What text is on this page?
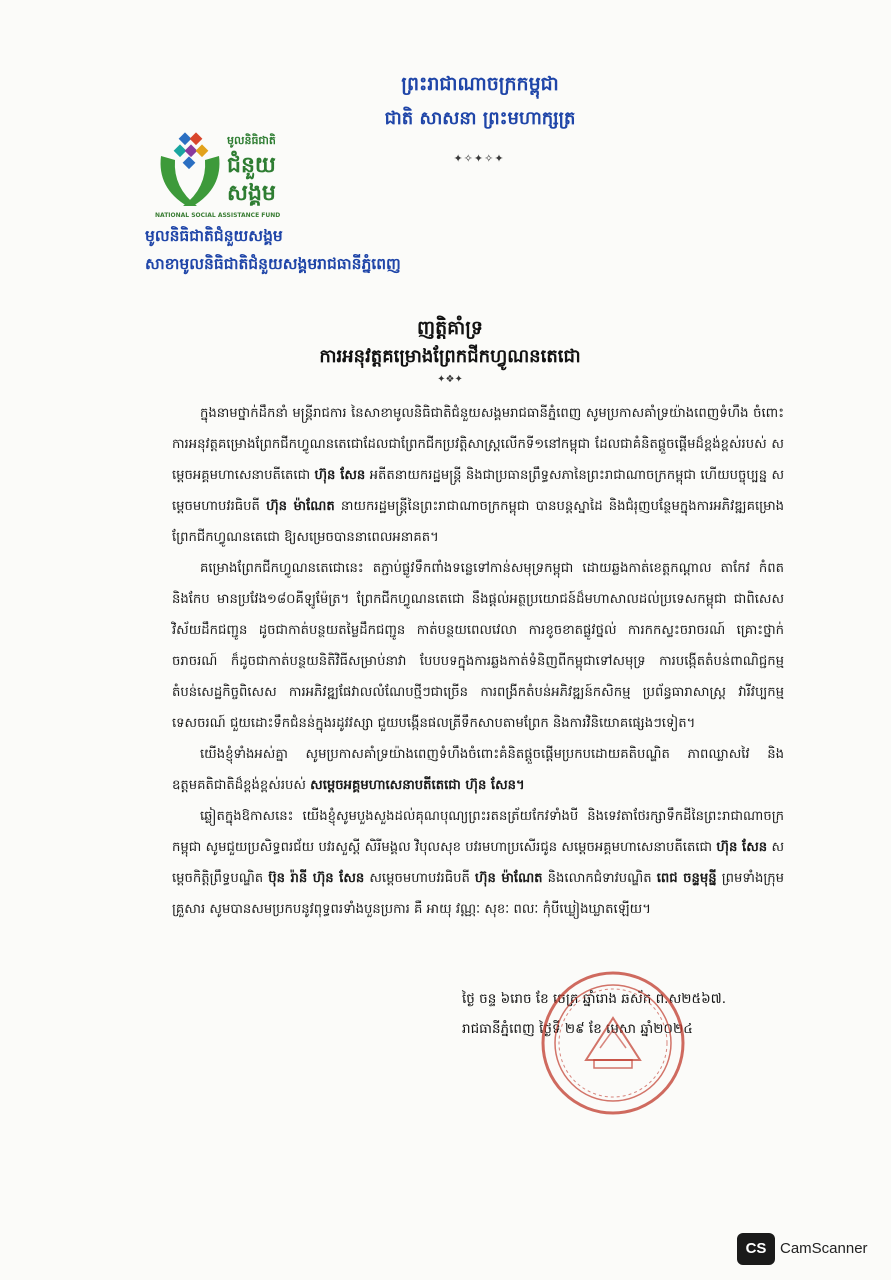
ព្រះរាជាណាចក្រកម្ពុជា
ជាតិ សាសនា ព្រះមហាក្សត្រ
✦✧✦✧✦
មូលនិធិជាតិ
ជំនួយ
សង្គម
NATIONAL SOCIAL ASSISTANCE FUND
មូលនិធិជាតិជំនួយសង្គម
សាខាមូលនិធិជាតិជំនួយសង្គមរាជធានីភ្នំពេញ
ញត្តិគាំទ្រ
ការអនុវត្តគម្រោងព្រែកជីកហ្វូណនតេជោ
✦❖✦

ក្នុងនាមថ្នាក់ដឹកនាំ មន្ត្រីរាជការ នៃសាខាមូលនិធិជាតិជំនួយសង្គមរាជធានីភ្នំពេញ សូមប្រកាសគាំទ្រយ៉ាងពេញទំហឹង ចំពោះ ការអនុវត្តគម្រោងព្រែកជីកហ្វូណនតេជោដែលជាព្រែកជីកប្រវត្តិសាស្ត្រលើកទី១នៅកម្ពុជា ដែលជាគំនិតផ្តួចផ្តើមដ៏ខ្ពង់ខ្ពស់របស់ សម្តេចអគ្គមហាសេនាបតីតេជោ ហ៊ុន សែន អតីតនាយករដ្ឋមន្ត្រី និងជាប្រធានព្រឹទ្ធសភានៃព្រះរាជាណាចក្រកម្ពុជា ហើយបច្ចុប្បន្ន សម្តេចមហាបវរធិបតី ហ៊ុន ម៉ាណែត នាយករដ្ឋមន្ត្រីនៃព្រះរាជាណាចក្រកម្ពុជា បានបន្តស្នាដៃ និងជំរុញបន្ថែមក្នុងការអភិវឌ្ឍគម្រោងព្រែកជីកហ្វូណនតេជោ ឱ្យសម្រេចបាននាពេលអនាគត។

គម្រោងព្រែកជីកហ្វូណនតេជោនេះ តភ្ជាប់ផ្លូវទឹកពាំងទន្លេទៅកាន់សមុទ្រកម្ពុជា ដោយឆ្លងកាត់ខេត្តកណ្តាល តាកែវ កំពត និងកែប មានប្រវែង១៨០គីឡូម៉ែត្រ។ ព្រែកជីកហ្វូណនតេជោ នឹងផ្តល់អត្ថប្រយោជន៍ដ៏មហាសាលដល់ប្រទេសកម្ពុជា ជាពិសេសវិស័យដឹកជញ្ជូន ដូចជាកាត់បន្ថយតម្លៃដឹកជញ្ជូន កាត់បន្ថយពេលវេលា ការខូចខាតផ្លូវថ្នល់ ការកកស្ទះចរាចរណ៍ គ្រោះថ្នាក់ចរាចរណ៍ ក៏ដូចជាកាត់បន្ថយនិតិវិធីសម្រាប់នាវា បែបបទក្នុងការឆ្លងកាត់ទំនិញពីកម្ពុជាទៅសមុទ្រ ការបង្កើតតំបន់ពាណិជ្ជកម្ម តំបន់សេដ្ឋកិច្ចពិសេស ការអភិវឌ្ឍផែវាលលំណែបថ្មីៗជាច្រើន ការពង្រីកតំបន់អភិវឌ្ឍន៍កសិកម្ម ប្រព័ន្ធធារាសាស្ត្រ វារីវប្បកម្ម ទេសចរណ៍ ជួយដោះទឹកជំនន់ក្នុងរដូវវស្សា ជួយបង្កើនផលត្រីទឹកសាបតាមព្រែក និងការវិនិយោគផ្សេងៗទៀត។

យើងខ្ញុំទាំងអស់គ្នា សូមប្រកាសគាំទ្រយ៉ាងពេញទំហឹងចំពោះគំនិតផ្តួចផ្តើមប្រកបដោយគតិបណ្ឌិត ភាពឈ្លាសវៃ និងឧត្តមគតិជាតិដ៏ខ្ពង់ខ្ពស់របស់ សម្តេចអគ្គមហាសេនាបតីតេជោ ហ៊ុន សែន។

ឆ្លៀតក្នុងឱកាសនេះ យើងខ្ញុំសូមបួងសួងដល់គុណបុណ្យព្រះរតនត្រ័យកែវទាំងបី និងទេវតាថែរក្សាទឹកដីនៃព្រះរាជាណាចក្រកម្ពុជា សូមជួយប្រសិទ្ធពរជ័យ បវរសួស្តី សិរីមង្គល វិបុលសុខ បវរមហាប្រសើរជូន សម្តេចអគ្គមហាសេនាបតីតេជោ ហ៊ុន សែន សម្តេចកិត្តិព្រឹទ្ធបណ្ឌិត ប៊ុន រ៉ានី ហ៊ុន សែន សម្តេចមហាបវរធិបតី ហ៊ុន ម៉ាណែត និងលោកជំទាវបណ្ឌិត ពេជ ចន្ទមុន្នី ព្រមទាំងក្រុមគ្រួសារ សូមបានសមប្រកបនូវពុទ្ធពរទាំងបួនប្រការ គឺ អាយុ វណ្ណៈ សុខៈ ពលៈ កុំបីឃ្លៀងឃ្លាតឡើយ។

ថ្ងៃ ចន្ទ ៦រោច ខែ ចេត្រ ឆ្នាំរោង ឆស័ក ព.ស២៥៦៧.
រាជធានីភ្នំពេញ ថ្ងៃទី ២៩ ខែ មេសា ឆ្នាំ២០២៤
CS CamScanner
